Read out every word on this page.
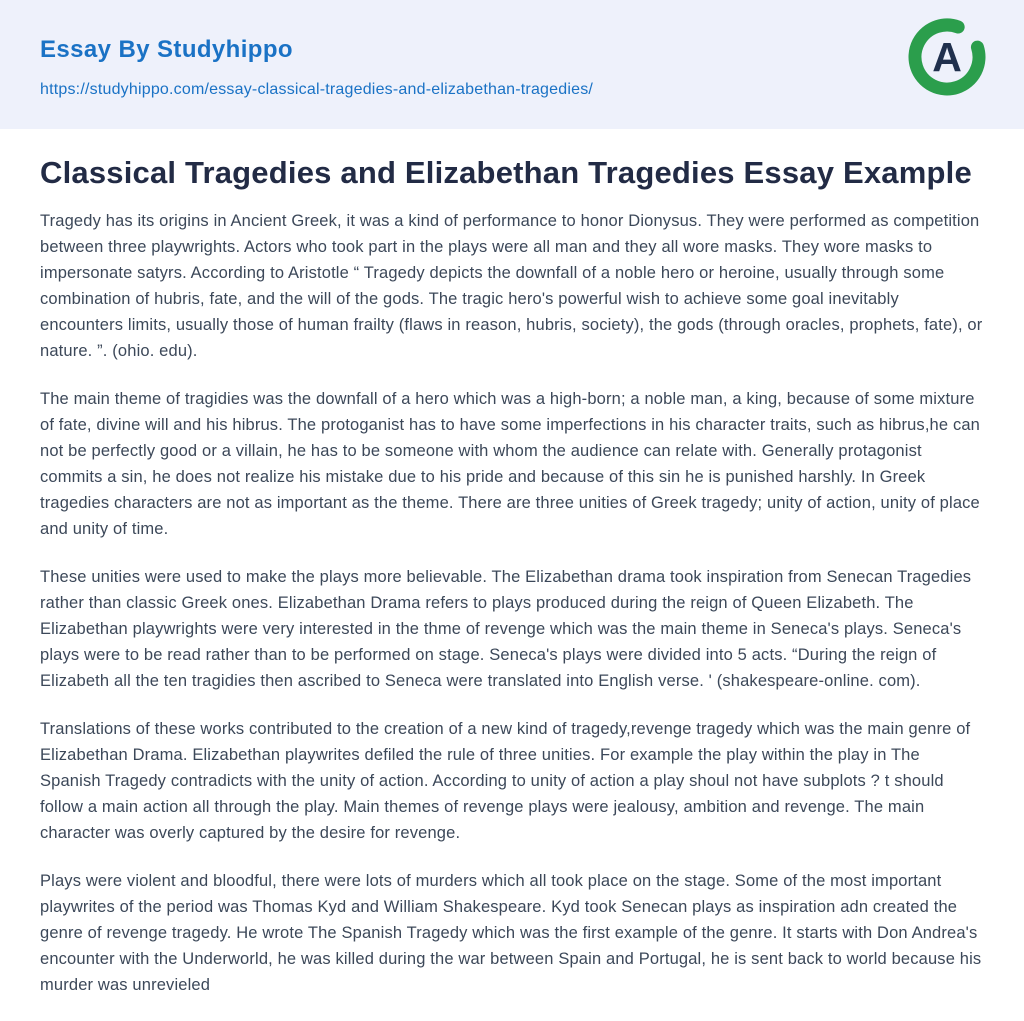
Essay By Studyhippo
https://studyhippo.com/essay-classical-tragedies-and-elizabethan-tragedies/
A
Classical Tragedies and Elizabethan Tragedies Essay Example

Tragedy has its origins in Ancient Greek, it was a kind of performance to honor Dionysus. They were performed as competition between three playwrights. Actors who took part in the plays were all man and they all wore masks. They wore masks to impersonate satyrs. According to Aristotle “ Tragedy depicts the downfall of a noble hero or heroine, usually through some combination of hubris, fate, and the will of the gods. The tragic hero's powerful wish to achieve some goal inevitably encounters limits, usually those of human frailty (flaws in reason, hubris, society), the gods (through oracles, prophets, fate), or nature. ”. (ohio. edu).

The main theme of tragidies was the downfall of a hero which was a high-born; a noble man, a king, because of some mixture of fate, divine will and his hibrus. The protoganist has to have some imperfections in his character traits, such as hibrus,he can not be perfectly good or a villain, he has to be someone with whom the audience can relate with. Generally protagonist commits a sin, he does not realize his mistake due to his pride and because of this sin he is punished harshly. In Greek tragedies characters are not as important as the theme. There are three unities of Greek tragedy; unity of action, unity of place and unity of time.

These unities were used to make the plays more believable. The Elizabethan drama took inspiration from Senecan Tragedies rather than classic Greek ones. Elizabethan Drama refers to plays produced during the reign of Queen Elizabeth. The Elizabethan playwrights were very interested in the thme of revenge which was the main theme in Seneca's plays. Seneca's plays were to be read rather than to be performed on stage. Seneca's plays were divided into 5 acts. “During the reign of Elizabeth all the ten tragidies then ascribed to Seneca were translated into English verse. ' (shakespeare-online. com).

Translations of these works contributed to the creation of a new kind of tragedy,revenge tragedy which was the main genre of Elizabethan Drama. Elizabethan playwrites defiled the rule of three unities. For example the play within the play in The Spanish Tragedy contradicts with the unity of action. According to unity of action a play shoul not have subplots ? t should follow a main action all through the play. Main themes of revenge plays were jealousy, ambition and revenge. The main character was overly captured by the desire for revenge.

Plays were violent and bloodful, there were lots of murders which all took place on the stage. Some of the most important playwrites of the period was Thomas Kyd and William Shakespeare. Kyd took Senecan plays as inspiration adn created the genre of revenge tragedy. He wrote The Spanish Tragedy which was the first example of the genre. It starts with Don Andrea's encounter with the Underworld, he was killed during the war between Spain and Portugal, he is sent back to world because his murder was unrevieled
